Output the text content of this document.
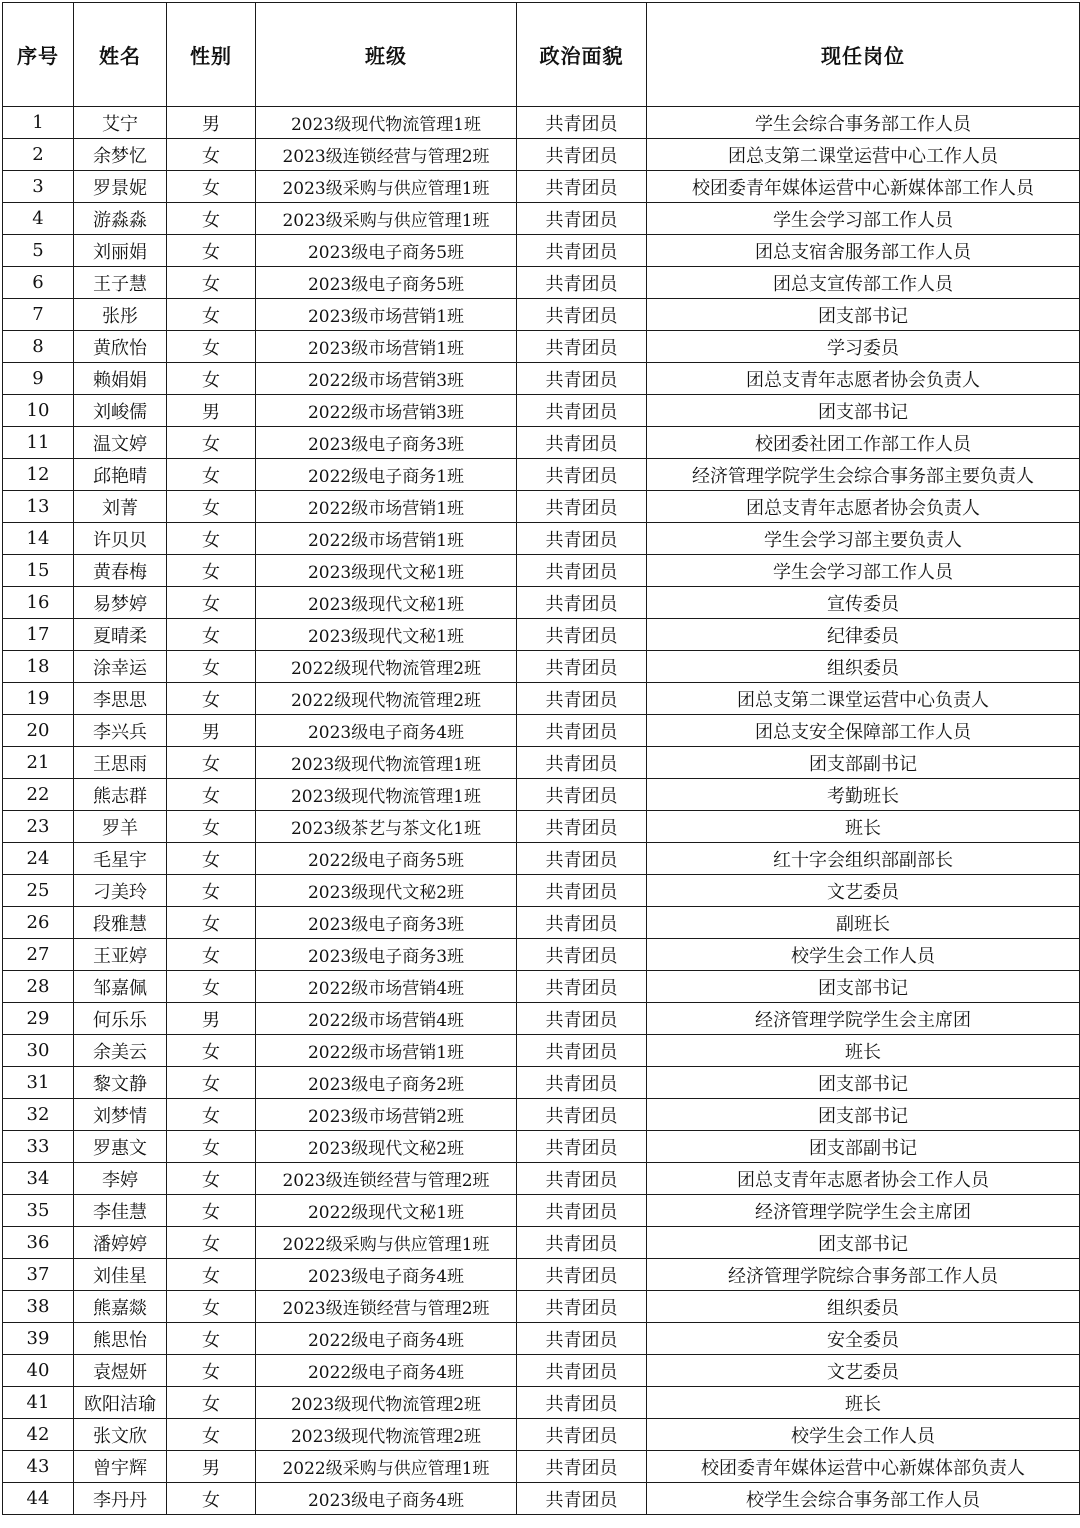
序号	姓名	性别	班级	政治面貌	现任岗位
1	艾宁	男	2023级现代物流管理1班	共青团员	学生会综合事务部工作人员
2	余梦忆	女	2023级连锁经营与管理2班	共青团员	团总支第二课堂运营中心工作人员
3	罗景妮	女	2023级采购与供应管理1班	共青团员	校团委青年媒体运营中心新媒体部工作人员
4	游淼淼	女	2023级采购与供应管理1班	共青团员	学生会学习部工作人员
5	刘丽娟	女	2023级电子商务5班	共青团员	团总支宿舍服务部工作人员
6	王子慧	女	2023级电子商务5班	共青团员	团总支宣传部工作人员
7	张彤	女	2023级市场营销1班	共青团员	团支部书记
8	黄欣怡	女	2023级市场营销1班	共青团员	学习委员
9	赖娟娟	女	2022级市场营销3班	共青团员	团总支青年志愿者协会负责人
10	刘峻儒	男	2022级市场营销3班	共青团员	团支部书记
11	温文婷	女	2023级电子商务3班	共青团员	校团委社团工作部工作人员
12	邱艳晴	女	2022级电子商务1班	共青团员	经济管理学院学生会综合事务部主要负责人
13	刘菁	女	2022级市场营销1班	共青团员	团总支青年志愿者协会负责人
14	许贝贝	女	2022级市场营销1班	共青团员	学生会学习部主要负责人
15	黄春梅	女	2023级现代文秘1班	共青团员	学生会学习部工作人员
16	易梦婷	女	2023级现代文秘1班	共青团员	宣传委员
17	夏晴柔	女	2023级现代文秘1班	共青团员	纪律委员
18	涂幸运	女	2022级现代物流管理2班	共青团员	组织委员
19	李思思	女	2022级现代物流管理2班	共青团员	团总支第二课堂运营中心负责人
20	李兴兵	男	2023级电子商务4班	共青团员	团总支安全保障部工作人员
21	王思雨	女	2023级现代物流管理1班	共青团员	团支部副书记
22	熊志群	女	2023级现代物流管理1班	共青团员	考勤班长
23	罗羊	女	2023级茶艺与茶文化1班	共青团员	班长
24	毛星宇	女	2022级电子商务5班	共青团员	红十字会组织部副部长
25	刁美玲	女	2023级现代文秘2班	共青团员	文艺委员
26	段雅慧	女	2023级电子商务3班	共青团员	副班长
27	王亚婷	女	2023级电子商务3班	共青团员	校学生会工作人员
28	邹嘉佩	女	2022级市场营销4班	共青团员	团支部书记
29	何乐乐	男	2022级市场营销4班	共青团员	经济管理学院学生会主席团
30	余美云	女	2022级市场营销1班	共青团员	班长
31	黎文静	女	2023级电子商务2班	共青团员	团支部书记
32	刘梦情	女	2023级市场营销2班	共青团员	团支部书记
33	罗惠文	女	2023级现代文秘2班	共青团员	团支部副书记
34	李婷	女	2023级连锁经营与管理2班	共青团员	团总支青年志愿者协会工作人员
35	李佳慧	女	2022级现代文秘1班	共青团员	经济管理学院学生会主席团
36	潘婷婷	女	2022级采购与供应管理1班	共青团员	团支部书记
37	刘佳星	女	2023级电子商务4班	共青团员	经济管理学院综合事务部工作人员
38	熊嘉燚	女	2023级连锁经营与管理2班	共青团员	组织委员
39	熊思怡	女	2022级电子商务4班	共青团员	安全委员
40	袁煜妍	女	2022级电子商务4班	共青团员	文艺委员
41	欧阳洁瑜	女	2023级现代物流管理2班	共青团员	班长
42	张文欣	女	2023级现代物流管理2班	共青团员	校学生会工作人员
43	曾宇辉	男	2022级采购与供应管理1班	共青团员	校团委青年媒体运营中心新媒体部负责人
44	李丹丹	女	2023级电子商务4班	共青团员	校学生会综合事务部工作人员
